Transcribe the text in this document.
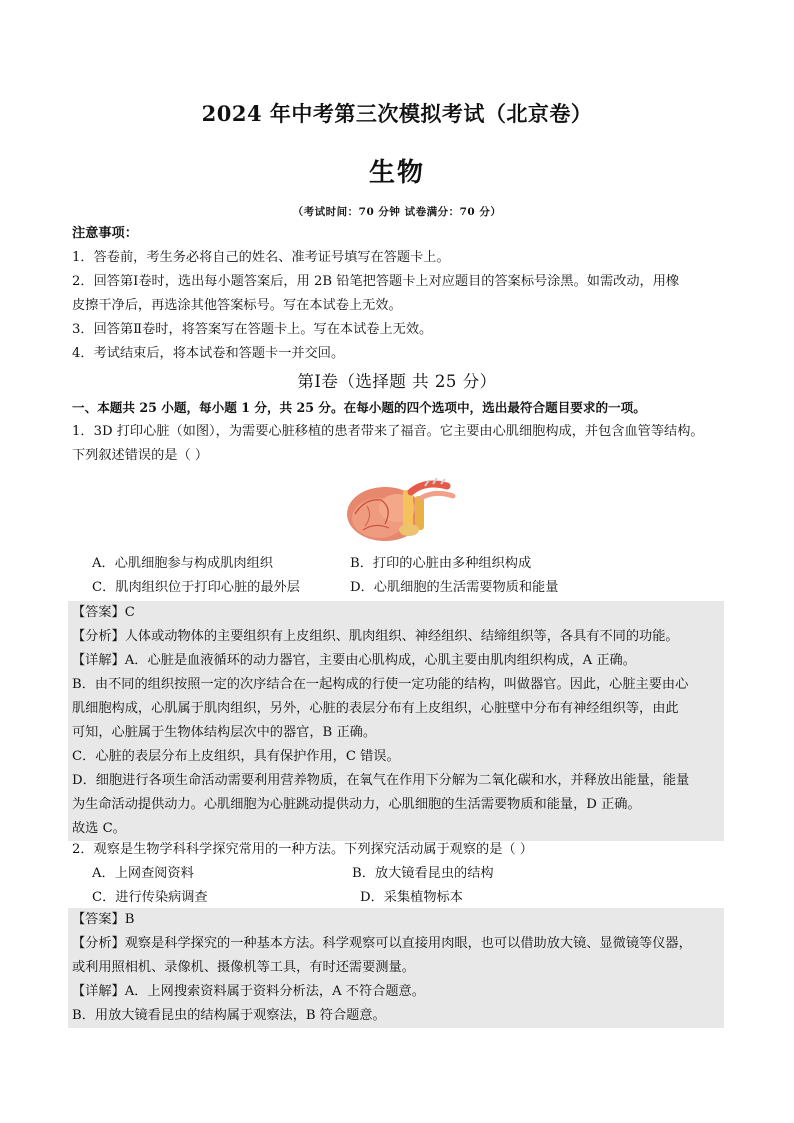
2024 年中考第三次模拟考试（北京卷）
生物
（考试时间：70 分钟 试卷满分：70 分）
注意事项：
1．答卷前，考生务必将自己的姓名、准考证号填写在答题卡上。
2．回答第Ⅰ卷时，选出每小题答案后，用 2B 铅笔把答题卡上对应题目的答案标号涂黑。如需改动，用橡
皮擦干净后，再选涂其他答案标号。写在本试卷上无效。
3．回答第Ⅱ卷时，将答案写在答题卡上。写在本试卷上无效。
4．考试结束后，将本试卷和答题卡一并交回。
第Ⅰ卷（选择题 共 25 分）
一、本题共 25 小题，每小题 1 分，共 25 分。在每小题的四个选项中，选出最符合题目要求的一项。
1．3D 打印心脏（如图），为需要心脏移植的患者带来了福音。它主要由心肌细胞构成，并包含血管等结构。
下列叙述错误的是（ ）
A．心肌细胞参与构成肌肉组织	B．打印的心脏由多种组织构成
C．肌肉组织位于打印心脏的最外层	D．心肌细胞的生活需要物质和能量
【答案】C
【分析】人体或动物体的主要组织有上皮组织、肌肉组织、神经组织、结缔组织等，各具有不同的功能。
【详解】A．心脏是血液循环的动力器官，主要由心肌构成，心肌主要由肌肉组织构成，A 正确。
B．由不同的组织按照一定的次序结合在一起构成的行使一定功能的结构，叫做器官。因此，心脏主要由心
肌细胞构成，心肌属于肌肉组织，另外，心脏的表层分布有上皮组织，心脏壁中分布有神经组织等，由此
可知，心脏属于生物体结构层次中的器官，B 正确。
C．心脏的表层分布上皮组织，具有保护作用，C 错误。
D．细胞进行各项生命活动需要利用营养物质，在氧气在作用下分解为二氧化碳和水，并释放出能量，能量
为生命活动提供动力。心肌细胞为心脏跳动提供动力，心肌细胞的生活需要物质和能量，D 正确。
故选 C。
2．观察是生物学科科学探究常用的一种方法。下列探究活动属于观察的是（ ）
A．上网查阅资料	B．放大镜看昆虫的结构
C．进行传染病调查	D．采集植物标本
【答案】B
【分析】观察是科学探究的一种基本方法。科学观察可以直接用肉眼，也可以借助放大镜、显微镜等仪器，
或利用照相机、录像机、摄像机等工具，有时还需要测量。
【详解】A．上网搜索资料属于资料分析法，A 不符合题意。
B．用放大镜看昆虫的结构属于观察法，B 符合题意。
